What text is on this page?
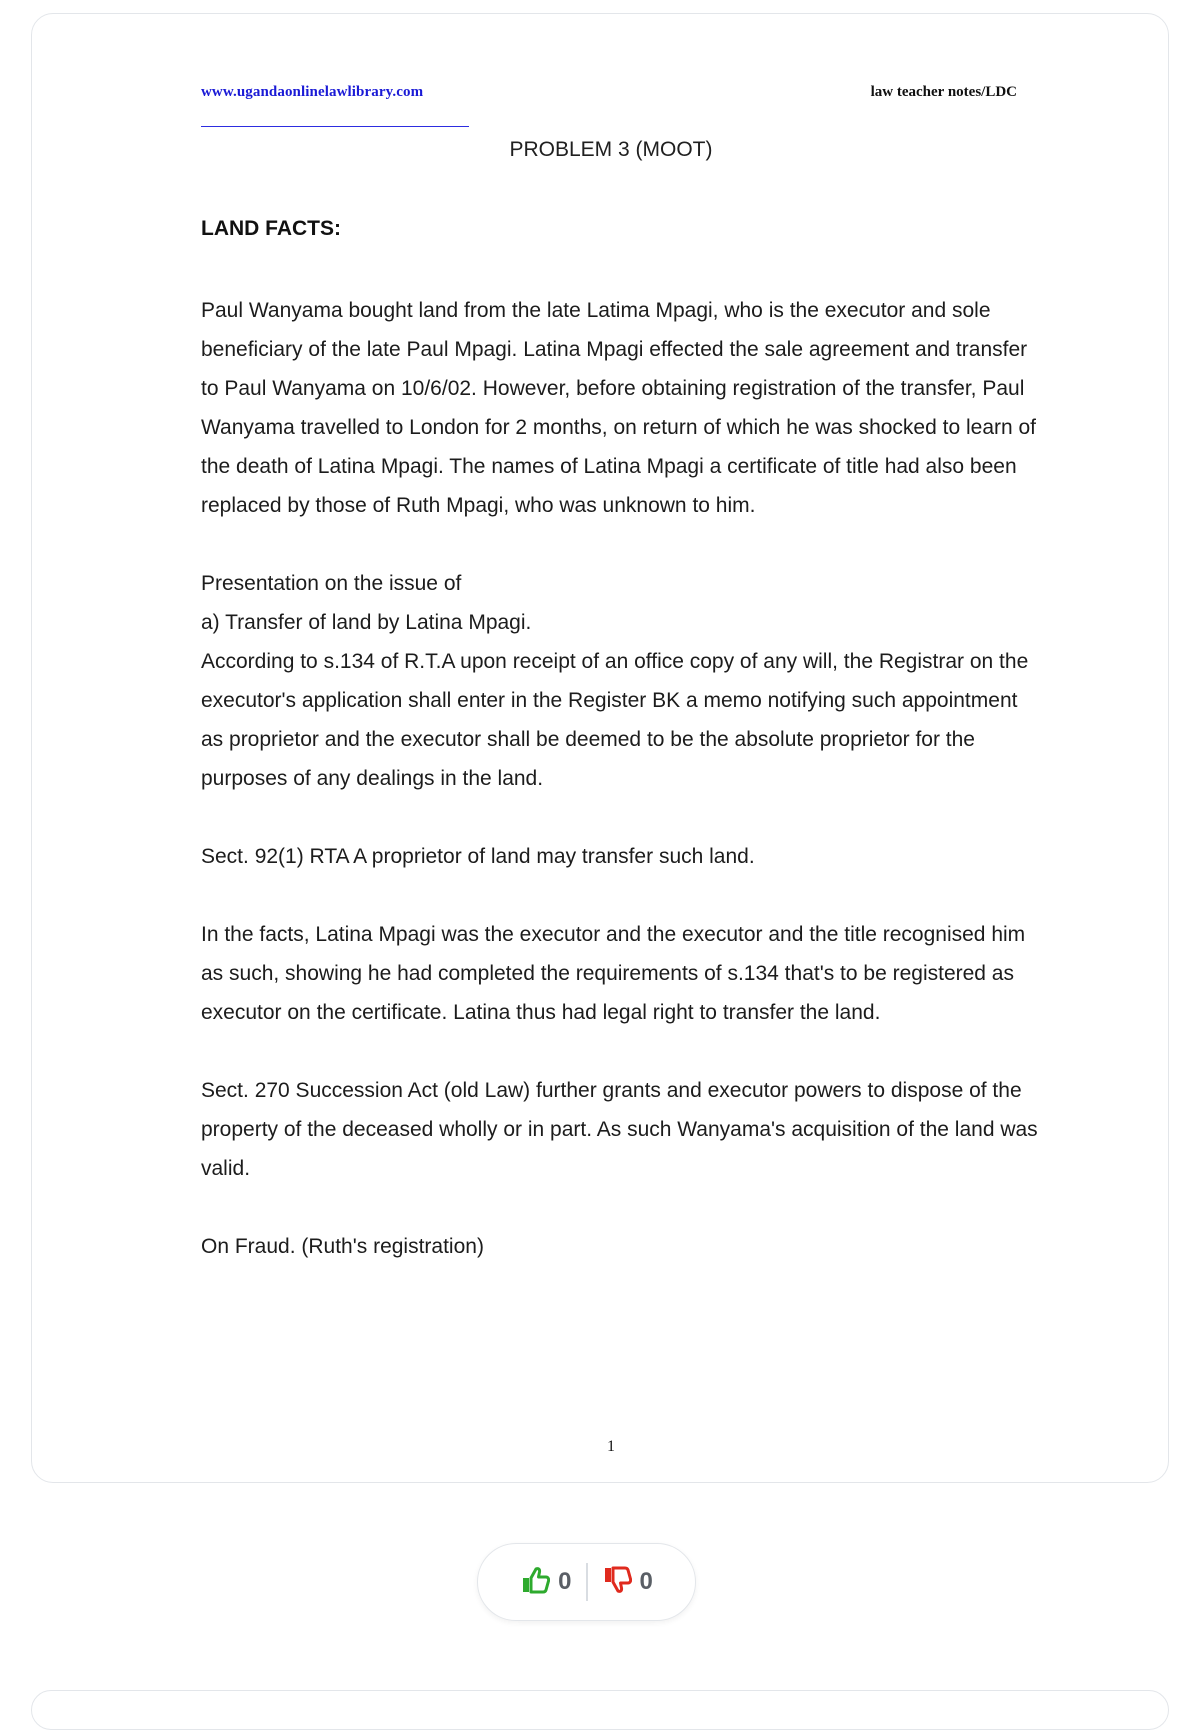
www.ugandaonlinelawlibrary.com	law teacher notes/LDC
PROBLEM 3 (MOOT)
LAND FACTS:

Paul Wanyama bought land from the late Latima Mpagi, who is the executor and sole beneficiary of the late Paul Mpagi. Latina Mpagi effected the sale agreement and transfer to Paul Wanyama on 10/6/02. However, before obtaining registration of the transfer, Paul Wanyama travelled to London for 2 months, on return of which he was shocked to learn of the death of Latina Mpagi. The names of Latina Mpagi a certificate of title had also been replaced by those of Ruth Mpagi, who was unknown to him.

Presentation on the issue of

a) Transfer of land by Latina Mpagi.

According to s.134 of R.T.A upon receipt of an office copy of any will, the Registrar on the executor's application shall enter in the Register BK a memo notifying such appointment as proprietor and the executor shall be deemed to be the absolute proprietor for the purposes of any dealings in the land.

Sect. 92(1) RTA A proprietor of land may transfer such land.

In the facts, Latina Mpagi was the executor and the executor and the title recognised him as such, showing he had completed the requirements of s.134 that's to be registered as executor on the certificate. Latina thus had legal right to transfer the land.

Sect. 270 Succession Act (old Law) further grants and executor powers to dispose of the property of the deceased wholly or in part. As such Wanyama's acquisition of the land was valid.

On Fraud. (Ruth's registration)

1
0	0
